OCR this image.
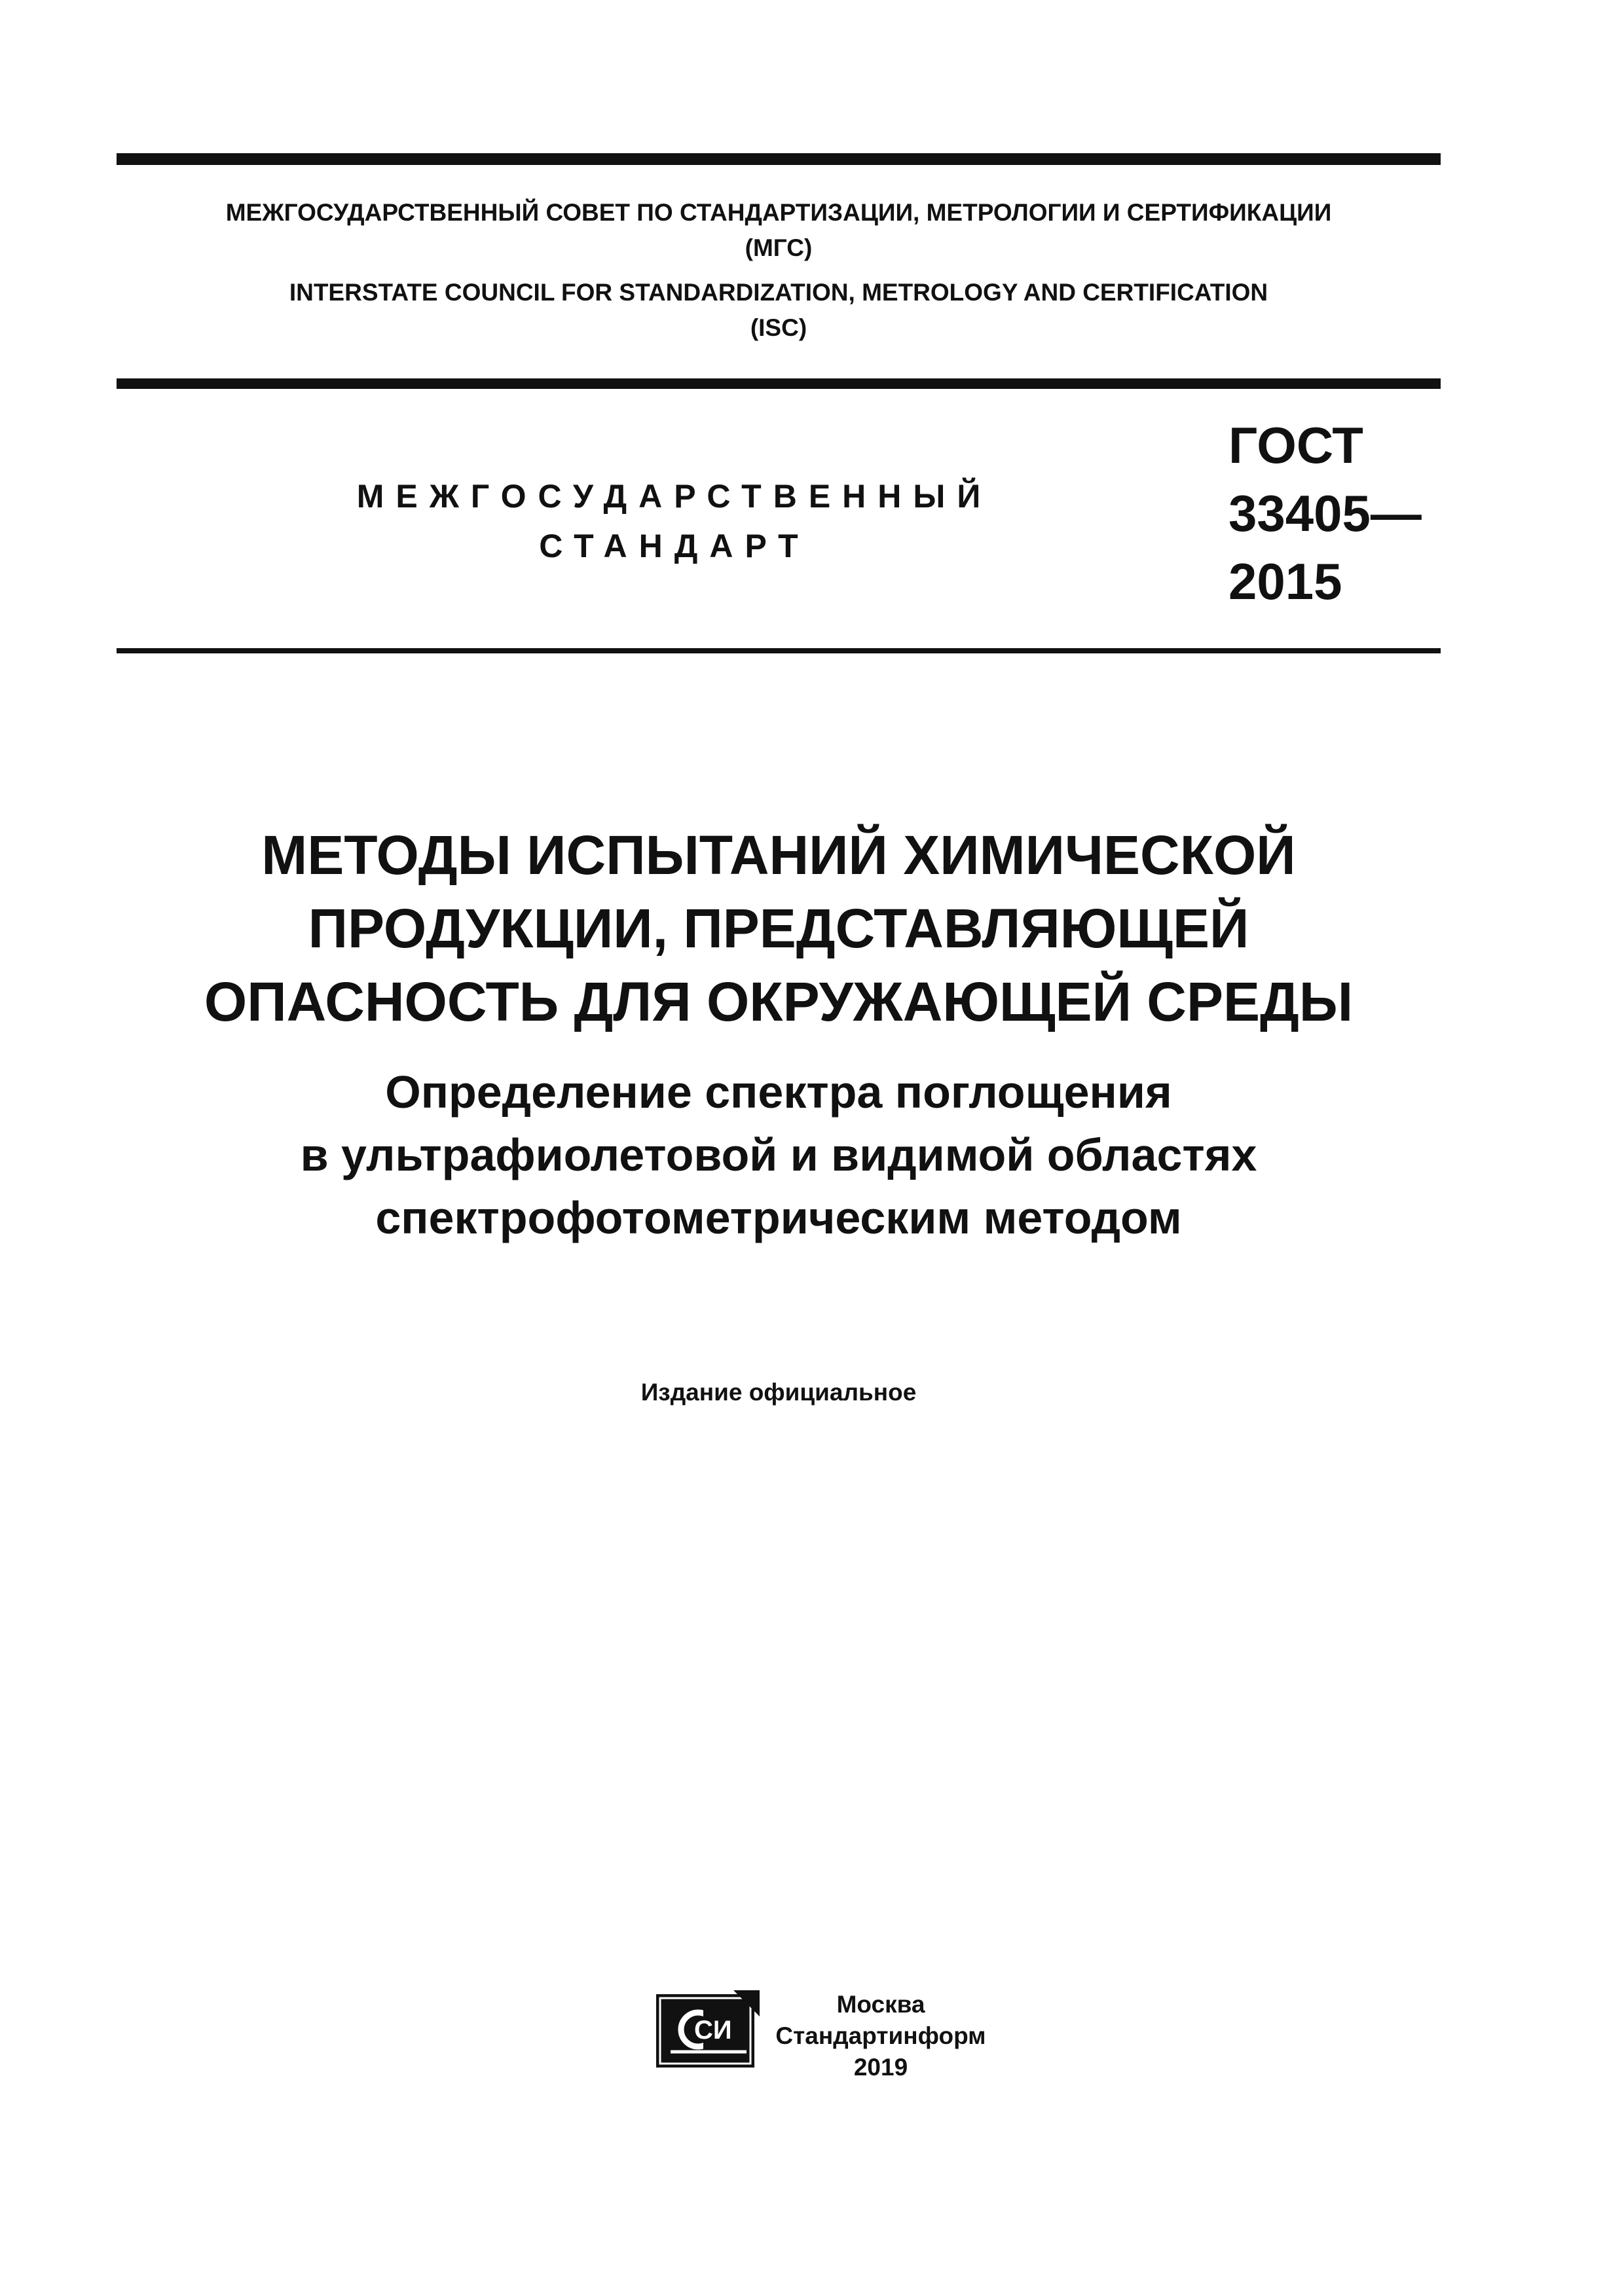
МЕЖГОСУДАРСТВЕННЫЙ СОВЕТ ПО СТАНДАРТИЗАЦИИ, МЕТРОЛОГИИ И СЕРТИФИКАЦИИ
(МГС)
INTERSTATE COUNCIL FOR STANDARDIZATION, METROLOGY AND CERTIFICATION
(ISC)
МЕЖГОСУДАРСТВЕННЫЙ
СТАНДАРТ
ГОСТ
33405—
2015
МЕТОДЫ ИСПЫТАНИЙ ХИМИЧЕСКОЙ
ПРОДУКЦИИ, ПРЕДСТАВЛЯЮЩЕЙ
ОПАСНОСТЬ ДЛЯ ОКРУЖАЮЩЕЙ СРЕДЫ
Определение спектра поглощения
в ультрафиолетовой и видимой областях
спектрофотометрическим методом
Издание официальное
СИ
Москва
Стандартинформ
2019
